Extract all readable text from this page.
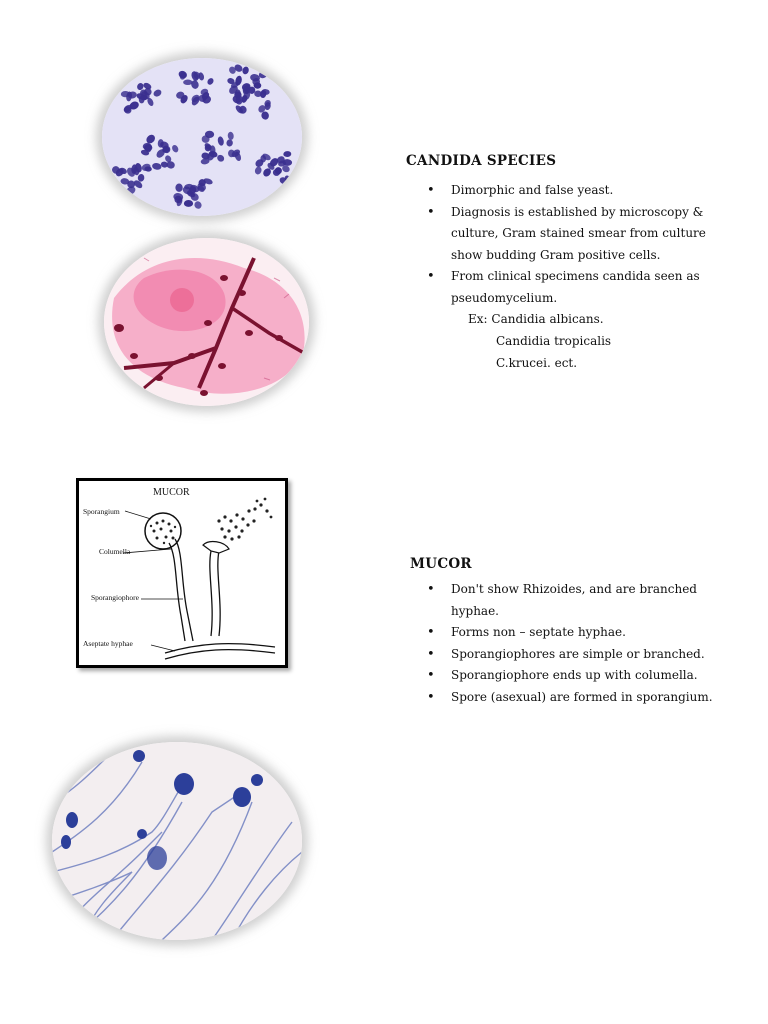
MUCOR
Sporangium
Columella
Sporangiophore
Aseptate hyphae
CANDIDA SPECIES
• Dimorphic and false yeast.
• Diagnosis is established by microscopy & culture, Gram stained smear from culture show budding Gram positive cells.
• From clinical specimens candida seen as pseudomycelium.
Ex: Candidia albicans.
Candidia tropicalis
C.krucei. ect.
MUCOR
• Don't show Rhizoides, and are branched hyphae.
• Forms non – septate hyphae.
• Sporangiophores are simple or branched.
• Sporangiophore ends up with columella.
• Spore (asexual) are formed in sporangium.
